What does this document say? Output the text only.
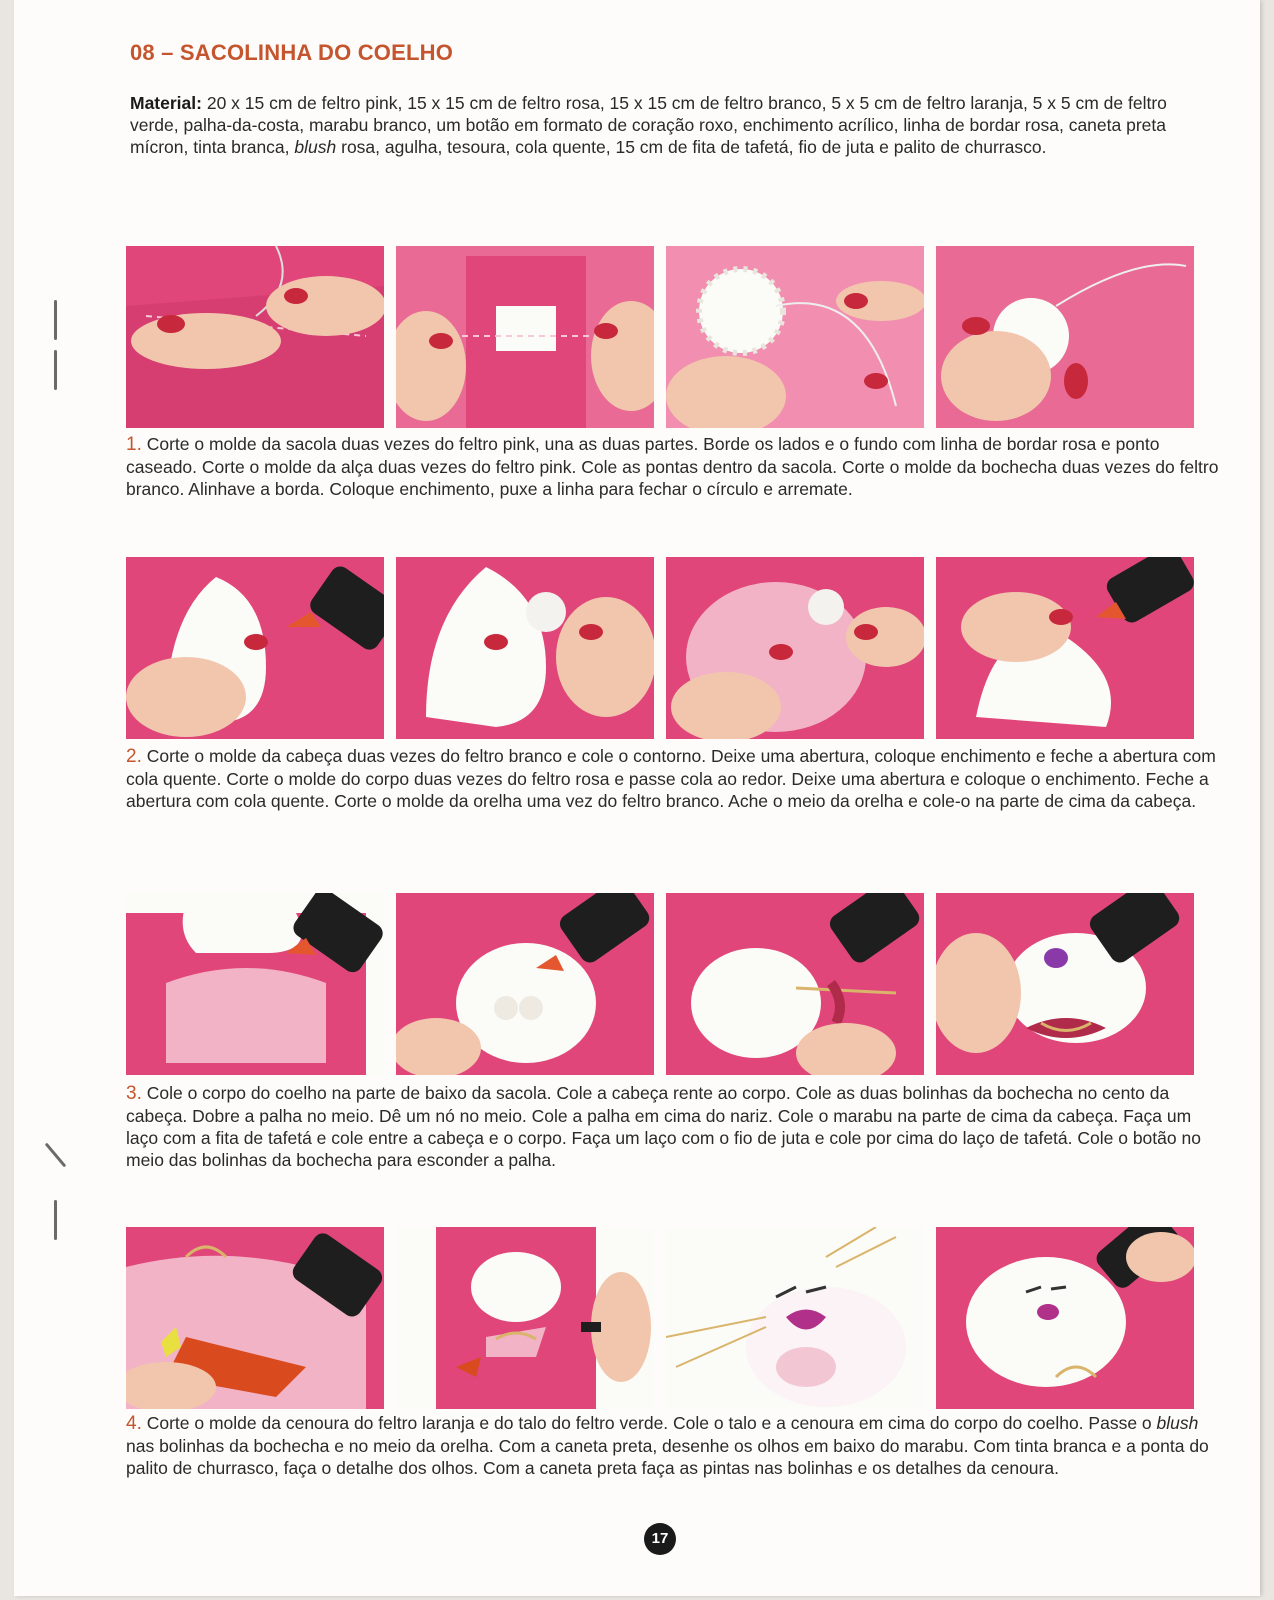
08 – SACOLINHA DO COELHO
Material: 20 x 15 cm de feltro pink, 15 x 15 cm de feltro rosa, 15 x 15 cm de feltro branco, 5 x 5 cm de feltro laranja, 5 x 5 cm de feltro verde, palha-da-costa, marabu branco, um botão em formato de coração roxo, enchimento acrílico, linha de bordar rosa, caneta preta mícron, tinta branca, blush rosa, agulha, tesoura, cola quente, 15 cm de fita de tafetá, fio de juta e palito de churrasco.
1. Corte o molde da sacola duas vezes do feltro pink, una as duas partes. Borde os lados e o fundo com linha de bordar rosa e ponto caseado. Corte o molde da alça duas vezes do feltro pink. Cole as pontas dentro da sacola. Corte o molde da bochecha duas vezes do feltro branco. Alinhave a borda. Coloque enchimento, puxe a linha para fechar o círculo e arremate.
2. Corte o molde da cabeça duas vezes do feltro branco e cole o contorno. Deixe uma abertura, coloque enchimento e feche a abertura com cola quente. Corte o molde do corpo duas vezes do feltro rosa e passe cola ao redor. Deixe uma abertura e coloque o enchimento. Feche a abertura com cola quente. Corte o molde da orelha uma vez do feltro branco. Ache o meio da orelha e cole-o na parte de cima da cabeça.
3. Cole o corpo do coelho na parte de baixo da sacola. Cole a cabeça rente ao corpo. Cole as duas bolinhas da bochecha no cento da cabeça. Dobre a palha no meio. Dê um nó no meio. Cole a palha em cima do nariz. Cole o marabu na parte de cima da cabeça. Faça um laço com a fita de tafetá e cole entre a cabeça e o corpo. Faça um laço com o fio de juta e cole por cima do laço de tafetá. Cole o botão no meio das bolinhas da bochecha para esconder a palha.
4. Corte o molde da cenoura do feltro laranja e do talo do feltro verde. Cole o talo e a cenoura em cima do corpo do coelho. Passe o blush nas bolinhas da bochecha e no meio da orelha. Com a caneta preta, desenhe os olhos em baixo do marabu. Com tinta branca e a ponta do palito de churrasco, faça o detalhe dos olhos. Com a caneta preta faça as pintas nas bolinhas e os detalhes da cenoura.
17
